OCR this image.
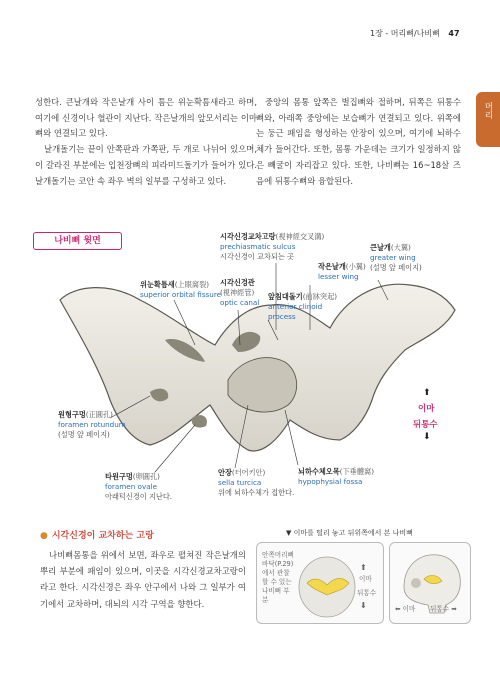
1장 - 머리뼈/나비뼈 47
머리

성한다. 큰날개와 작은날개 사이 틈은 위눈확틈새라고 하며, 여기에 신경이나 혈관이 지난다. 작은날개의 앞모서리는 이마뼈와 연결되고 있다.

날개돌기는 끝이 안쪽판과 가쪽판, 두 개로 나뉘어 있으며, 이 갈라진 부분에는 입천장뼈의 피라미드돌기가 들어가 있다. 날개돌기는 코안 속 좌우 벽의 일부를 구성하고 있다.

중앙의 몸통 앞쪽은 벌집뼈와 접하며, 뒤쪽은 뒤통수뼈와, 아래쪽 중앙에는 보습뼈가 연결되고 있다. 위쪽에는 둥근 패임을 형성하는 안장이 있으며, 여기에 뇌하수체가 들어간다. 또한, 몸통 가운데는 크기가 일정하지 않은 빼굴이 자리잡고 있다. 또한, 나비뼈는 16~18살 즈음에 뒤통수뼈와 융합된다.

나비뼈 윗면	시각신경교차고랑(視神經交叉溝)
prechiasmatic sulcus
시각신경이 교차되는 곳
위눈확틈새(上眼窩裂)
superior orbital fissure
시각신경관
(視神經管)
optic canal
작은날개(小翼)
lesser wing
앞침대돌기(前牀突起)
anterior clinoid
process
큰날개(大翼)
greater wing
(설명 앞 페이지)
원형구멍(正圓孔)
foramen rotundum
(설명 앞 페이지)
타원구멍(卵圓孔)
foramen ovale
아래턱신경이 지난다.
안장(터어키안)
sella turcica
위에 뇌하수체가 접한다.
뇌하수체오목(下垂體窩)
hypophysial fossa
⬆
이마
뒤통수
⬇
● 시각신경이 교차하는 고랑
나비뼈몸통을 위에서 보면, 좌우로 펼쳐진 작은날개의 뿌리 부분에 패임이 있으며, 이곳을 시각신경교차고랑이라고 한다. 시각신경은 좌우 안구에서 나와 그 일부가 여기에서 교차하며, 대뇌의 시각 구역을 향한다.
▼ 이마를 떨리 놓고 뒤위쪽에서 본 나비뼈
안쪽머리뼈
바닥(P.29)
에서 관찰
할 수 있는
나비뼈 부
분
⬆
이마
뒤통수
⬇	⬅ 이마 뒤통수 ➡
